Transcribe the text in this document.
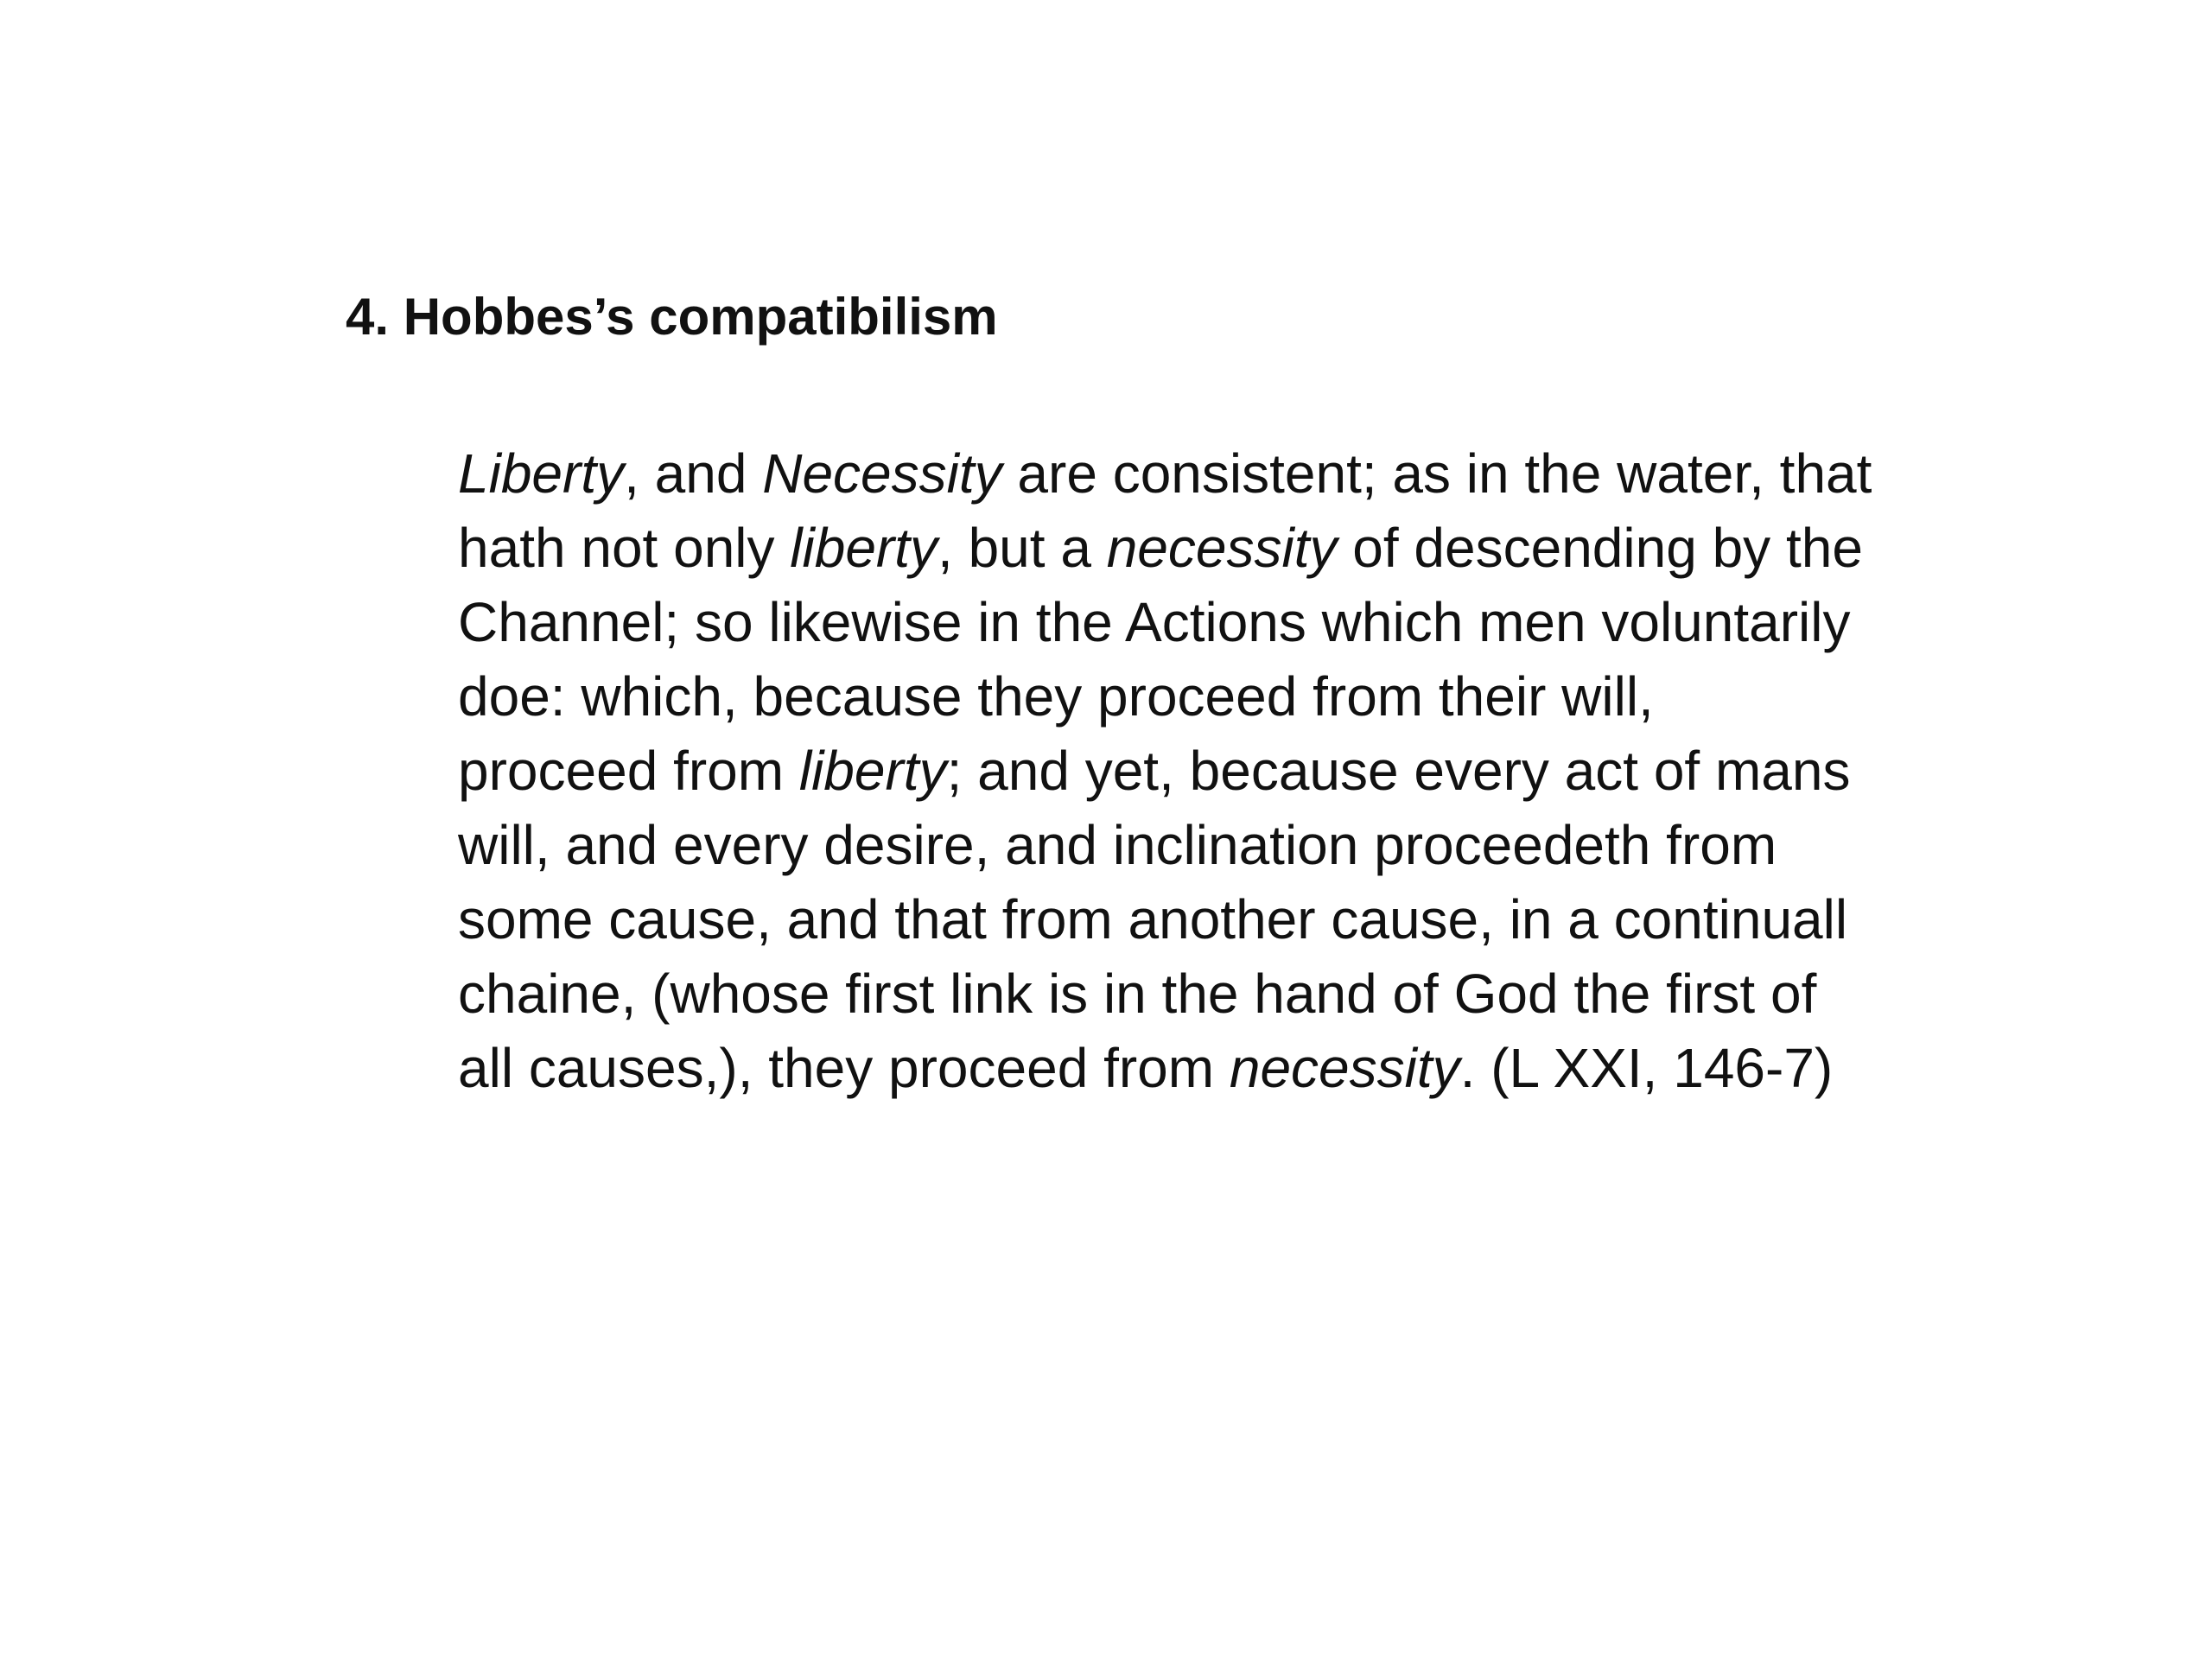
4. Hobbes’s compatibilism
Liberty, and Necessity are consistent; as in the water, that
hath not only liberty, but a necessity of descending by the
Channel; so likewise in the Actions which men voluntarily
doe: which, because they proceed from their will,
proceed from liberty; and yet, because every act of mans
will, and every desire, and inclination proceedeth from
some cause, and that from another cause, in a continuall
chaine, (whose first link is in the hand of God the first of
all causes,), they proceed from necessity. (L XXI, 146-7)
